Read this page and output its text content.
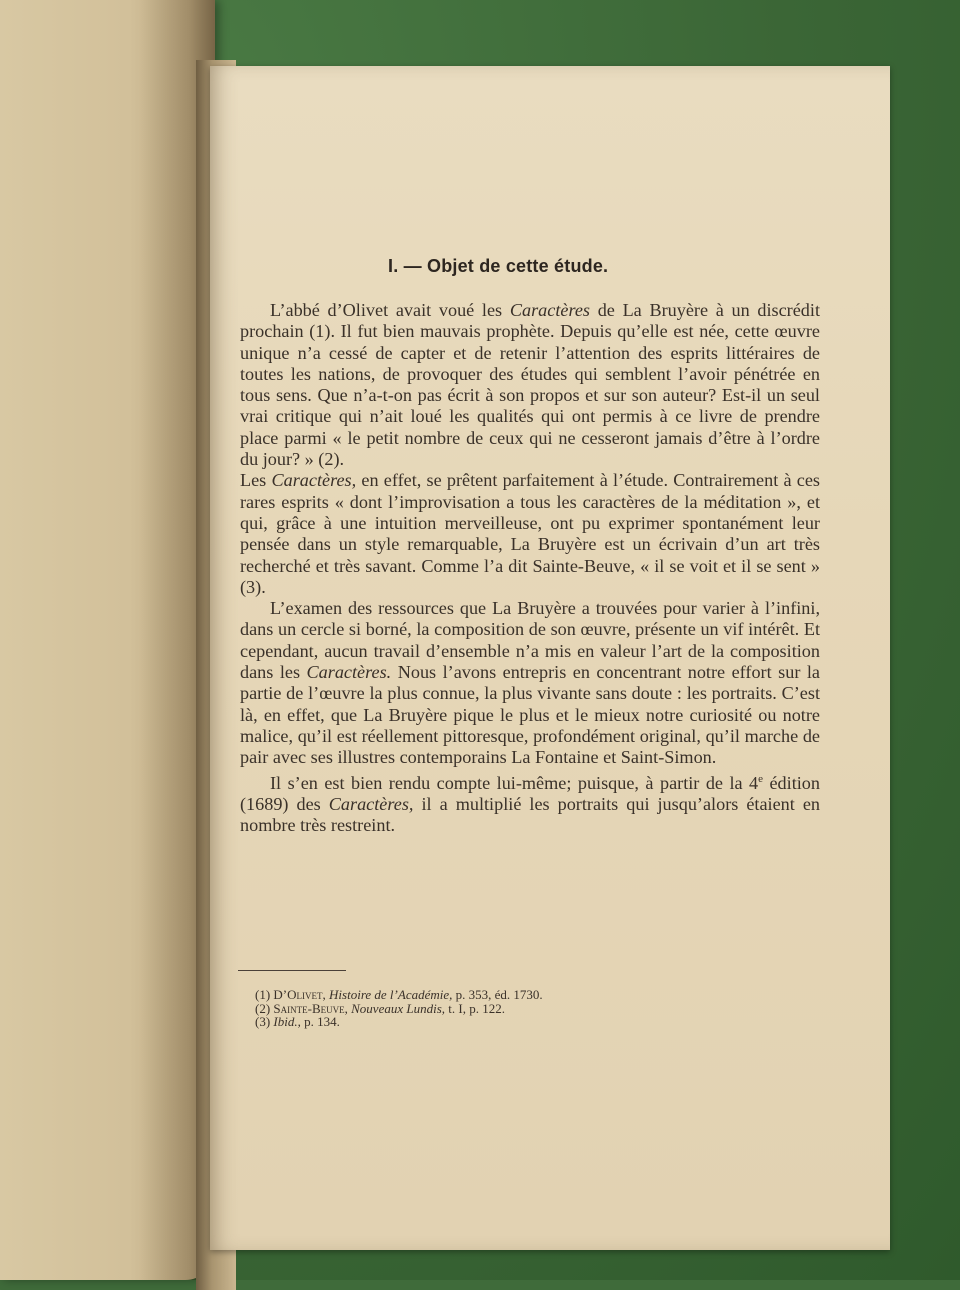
I. — Objet de cette étude.

L’abbé d’Olivet avait voué les Caractères de La Bruyère à un discrédit prochain (1). Il fut bien mauvais prophète. Depuis qu’elle est née, cette œuvre unique n’a cessé de capter et de retenir l’attention des esprits littéraires de toutes les nations, de provoquer des études qui semblent l’avoir pénétrée en tous sens. Que n’a-t-on pas écrit à son propos et sur son auteur? Est-il un seul vrai critique qui n’ait loué les qualités qui ont permis à ce livre de prendre place parmi « le petit nombre de ceux qui ne cesseront jamais d’être à l’ordre du jour? » (2).

Les Caractères, en effet, se prêtent parfaitement à l’étude. Contrairement à ces rares esprits « dont l’improvisation a tous les caractères de la méditation », et qui, grâce à une intuition merveilleuse, ont pu exprimer spontanément leur pensée dans un style remarquable, La Bruyère est un écrivain d’un art très recherché et très savant. Comme l’a dit Sainte-Beuve, « il se voit et il se sent » (3).

L’examen des ressources que La Bruyère a trouvées pour varier à l’infini, dans un cercle si borné, la composition de son œuvre, présente un vif intérêt. Et cependant, aucun travail d’ensemble n’a mis en valeur l’art de la composition dans les Caractères. Nous l’avons entrepris en concentrant notre effort sur la partie de l’œuvre la plus connue, la plus vivante sans doute : les portraits. C’est là, en effet, que La Bruyère pique le plus et le mieux notre curiosité ou notre malice, qu’il est réellement pittoresque, profondément original, qu’il marche de pair avec ses illustres contemporains La Fontaine et Saint-Simon.

Il s’en est bien rendu compte lui-même; puisque, à partir de la 4e édition (1689) des Caractères, il a multiplié les portraits qui jusqu’alors étaient en nombre très restreint.

(1) D’Olivet, Histoire de l’Académie, p. 353, éd. 1730.
(2) Sainte-Beuve, Nouveaux Lundis, t. I, p. 122.
(3) Ibid., p. 134.
